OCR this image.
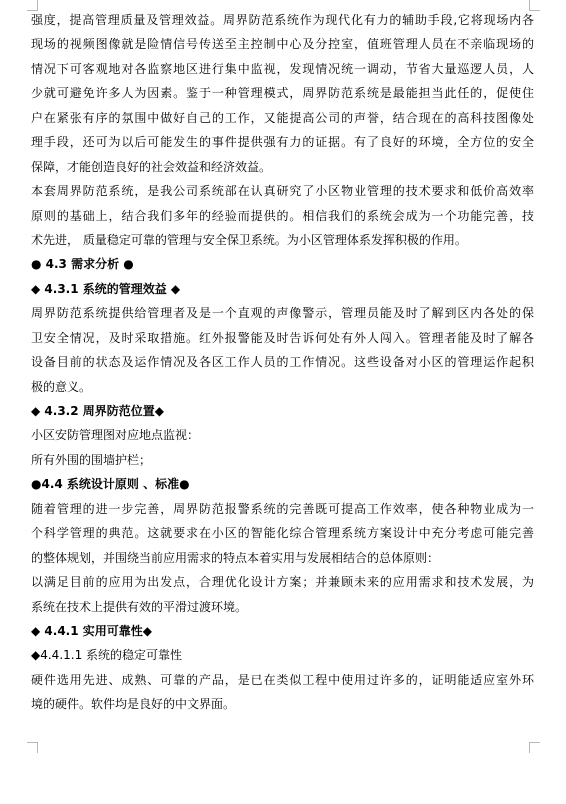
强度，提高管理质量及管理效益。周界防范系统作为现代化有力的辅助手段,它将现场内各
现场的视频图像就是险情信号传送至主控制中心及分控室，值班管理人员在不亲临现场的
情况下可客观地对各监察地区进行集中监视，发现情况统一调动，节省大量巡逻人员，人
少就可避免许多人为因素。鉴于一种管理模式，周界防范系统是最能担当此任的，促使住
户在紧张有序的氛围中做好自己的工作，又能提高公司的声誉，结合现在的高科技图像处
理手段，还可为以后可能发生的事件提供强有力的证据。有了良好的环境，全方位的安全
保障，才能创造良好的社会效益和经济效益。
本套周界防范系统，是我公司系统部在认真研究了小区物业管理的技术要求和低价高效率
原则的基础上，结合我们多年的经验而提供的。相信我们的系统会成为一个功能完善，技
术先进， 质量稳定可靠的管理与安全保卫系统。为小区管理体系发挥积极的作用。
● 4.3 需求分析 ●
◆ 4.3.1 系统的管理效益 ◆
周界防范系统提供给管理者及是一个直观的声像警示，管理员能及时了解到区内各处的保
卫安全情况，及时采取措施。红外报警能及时告诉何处有外人闯入。管理者能及时了解各
设备目前的状态及运作情况及各区工作人员的工作情况。这些设备对小区的管理运作起积
极的意义。
◆ 4.3.2 周界防范位置◆
小区安防管理图对应地点监视：
所有外围的围墙护栏；
●4.4 系统设计原则 、标准●
随着管理的进一步完善，周界防范报警系统的完善既可提高工作效率，使各种物业成为一
个科学管理的典范。这就要求在小区的智能化综合管理系统方案设计中充分考虑可能完善
的整体规划，并围绕当前应用需求的特点本着实用与发展相结合的总体原则：
以满足目前的应用为出发点，合理优化设计方案；并兼顾未来的应用需求和技术发展，为
系统在技术上提供有效的平滑过渡环境。
◆ 4.4.1 实用可靠性◆
◆4.4.1.1 系统的稳定可靠性
硬件选用先进、成熟、可靠的产品，是已在类似工程中使用过许多的，证明能适应室外环
境的硬件。软件均是良好的中文界面。
